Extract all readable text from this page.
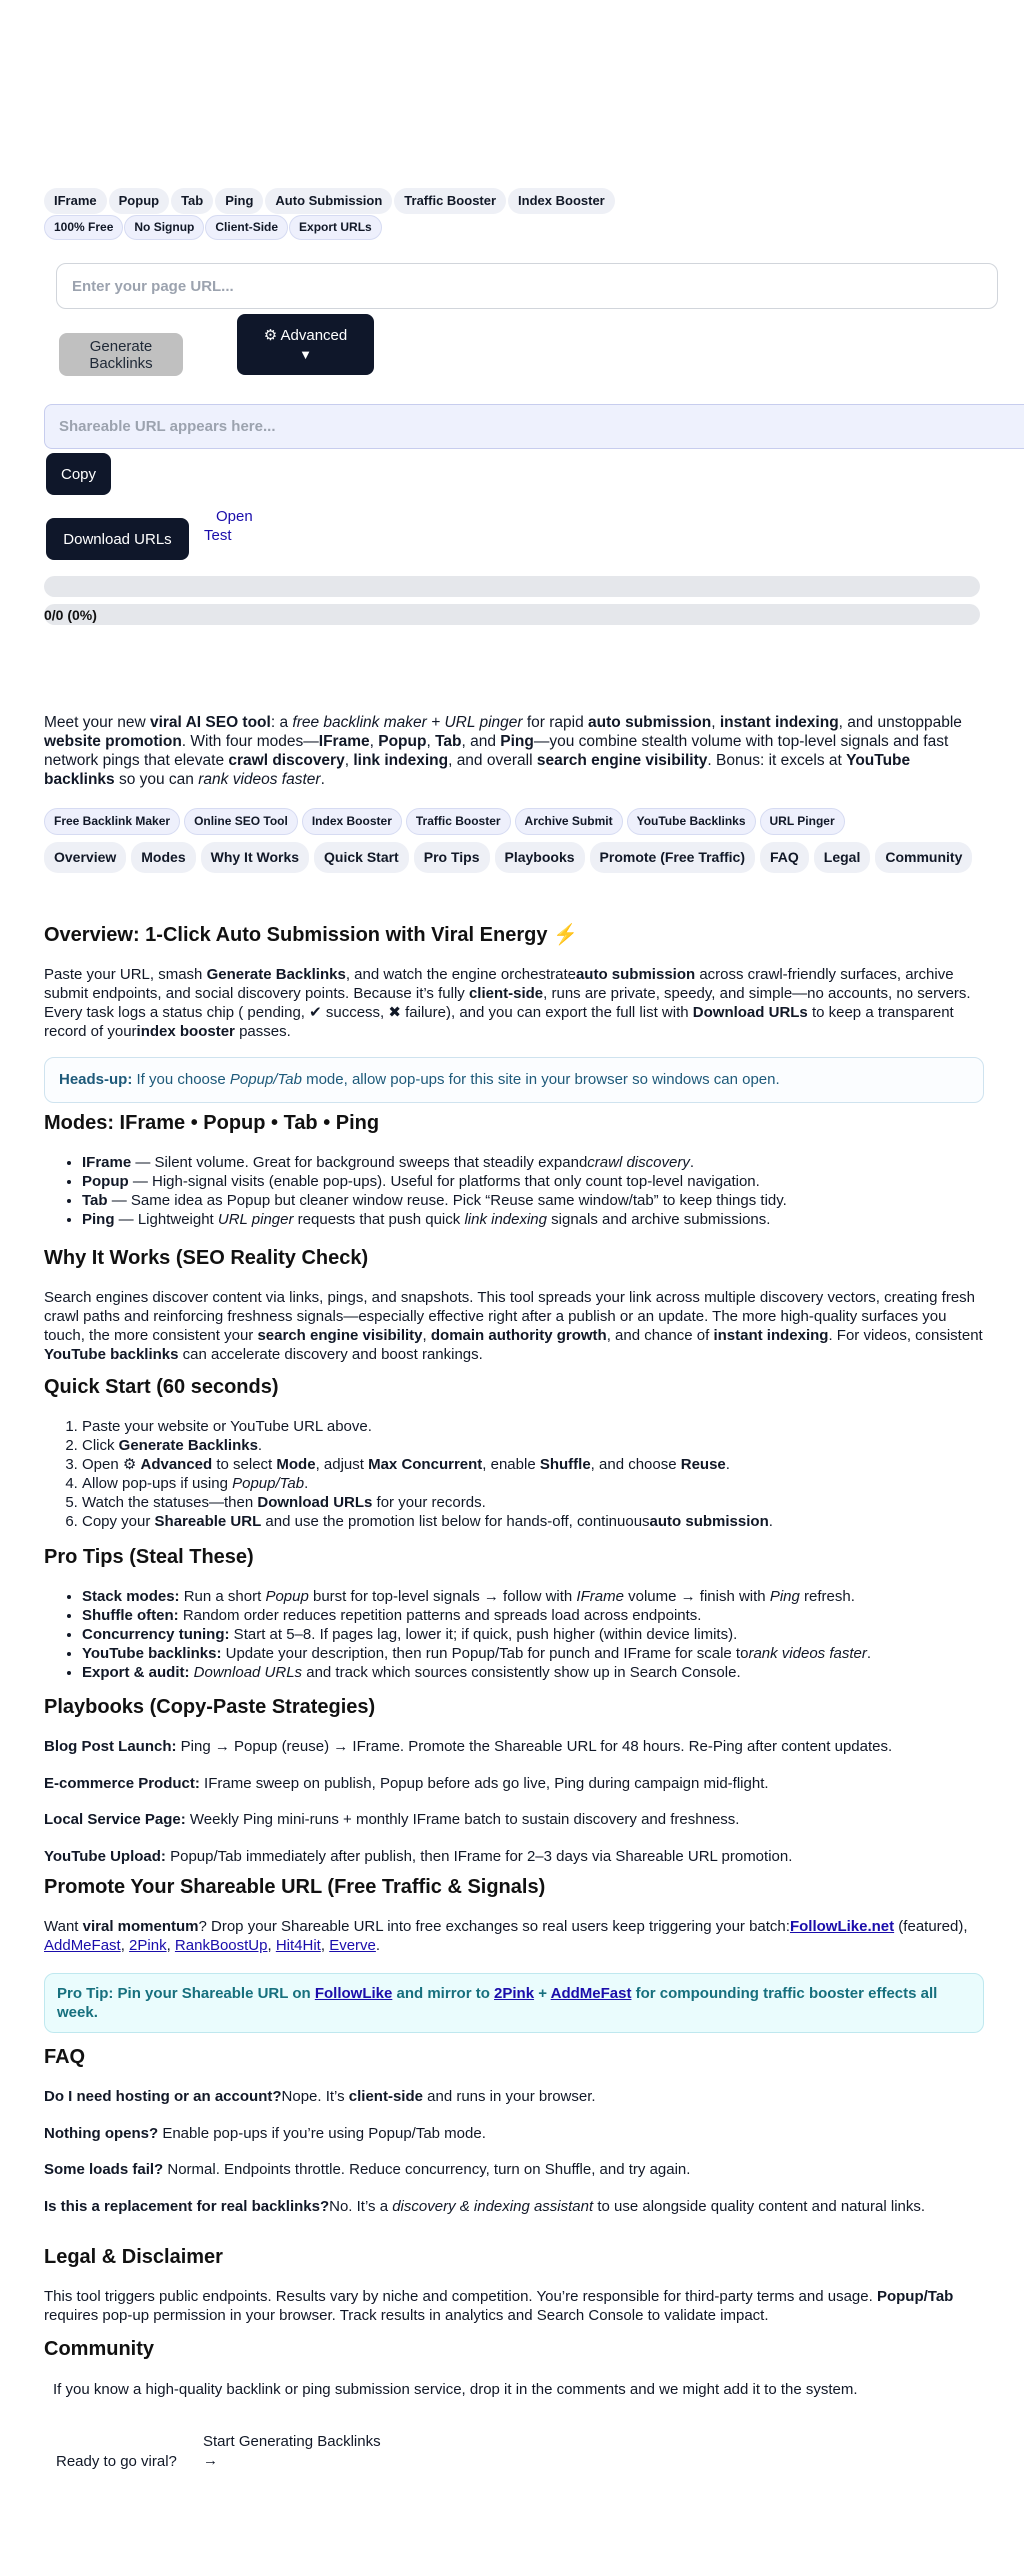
IFrame	Popup	Tab	Ping	Auto Submission	Traffic Booster	Index Booster
100% Free	No Signup	Client-Side	Export URLs
Enter your page URL...
Generate Backlinks
⚙ Advanced
▼
Shareable URL appears here...
Copy
Download URLs
Open
Test
0/0 (0%)

Meet your new viral AI SEO tool: a free backlink maker + URL pinger for rapid auto submission, instant indexing, and unstoppable website promotion. With four modes—IFrame, Popup, Tab, and Ping—you combine stealth volume with top-level signals and fast network pings that elevate crawl discovery, link indexing, and overall search engine visibility. Bonus: it excels at YouTube backlinks so you can rank videos faster.

Free Backlink Maker	Online SEO Tool	Index Booster	Traffic Booster	Archive Submit	YouTube Backlinks	URL Pinger
Overview	Modes	Why It Works	Quick Start	Pro Tips	Playbooks	Promote (Free Traffic)	FAQ	Legal	Community
Overview: 1-Click Auto Submission with Viral Energy ⚡

Paste your URL, smash Generate Backlinks, and watch the engine orchestrateauto submission across crawl-friendly surfaces, archive submit endpoints, and social discovery points. Because it’s fully client-side, runs are private, speedy, and simple—no accounts, no servers. Every task logs a status chip ( pending, ✔ success, ✖ failure), and you can export the full list with Download URLs to keep a transparent record of yourindex booster passes.

Heads-up: If you choose Popup/Tab mode, allow pop-ups for this site in your browser so windows can open.
Modes: IFrame • Popup • Tab • Ping
• IFrame — Silent volume. Great for background sweeps that steadily expandcrawl discovery.
• Popup — High-signal visits (enable pop-ups). Useful for platforms that only count top-level navigation.
• Tab — Same idea as Popup but cleaner window reuse. Pick “Reuse same window/tab” to keep things tidy.
• Ping — Lightweight URL pinger requests that push quick link indexing signals and archive submissions.
Why It Works (SEO Reality Check)

Search engines discover content via links, pings, and snapshots. This tool spreads your link across multiple discovery vectors, creating fresh crawl paths and reinforcing freshness signals—especially effective right after a publish or an update. The more high-quality surfaces you touch, the more consistent your search engine visibility, domain authority growth, and chance of instant indexing. For videos, consistent YouTube backlinks can accelerate discovery and boost rankings.

Quick Start (60 seconds)
1. Paste your website or YouTube URL above.
2. Click Generate Backlinks.
3. Open ⚙ Advanced to select Mode, adjust Max Concurrent, enable Shuffle, and choose Reuse.
4. Allow pop-ups if using Popup/Tab.
5. Watch the statuses—then Download URLs for your records.
6. Copy your Shareable URL and use the promotion list below for hands-off, continuousauto submission.
Pro Tips (Steal These)
• Stack modes: Run a short Popup burst for top-level signals → follow with IFrame volume → finish with Ping refresh.
• Shuffle often: Random order reduces repetition patterns and spreads load across endpoints.
• Concurrency tuning: Start at 5–8. If pages lag, lower it; if quick, push higher (within device limits).
• YouTube backlinks: Update your description, then run Popup/Tab for punch and IFrame for scale torank videos faster.
• Export & audit: Download URLs and track which sources consistently show up in Search Console.
Playbooks (Copy-Paste Strategies)

Blog Post Launch: Ping → Popup (reuse) → IFrame. Promote the Shareable URL for 48 hours. Re-Ping after content updates.

E-commerce Product: IFrame sweep on publish, Popup before ads go live, Ping during campaign mid-flight.

Local Service Page: Weekly Ping mini-runs + monthly IFrame batch to sustain discovery and freshness.

YouTube Upload: Popup/Tab immediately after publish, then IFrame for 2–3 days via Shareable URL promotion.

Promote Your Shareable URL (Free Traffic & Signals)

Want viral momentum? Drop your Shareable URL into free exchanges so real users keep triggering your batch:FollowLike.net (featured), AddMeFast, 2Pink, RankBoostUp, Hit4Hit, Everve.

Pro Tip: Pin your Shareable URL on FollowLike and mirror to 2Pink + AddMeFast for compounding traffic booster effects all week.
FAQ

Do I need hosting or an account?Nope. It’s client-side and runs in your browser.

Nothing opens? Enable pop-ups if you’re using Popup/Tab mode.

Some loads fail? Normal. Endpoints throttle. Reduce concurrency, turn on Shuffle, and try again.

Is this a replacement for real backlinks?No. It’s a discovery & indexing assistant to use alongside quality content and natural links.

Legal & Disclaimer

This tool triggers public endpoints. Results vary by niche and competition. You’re responsible for third-party terms and usage. Popup/Tab requires pop-up permission in your browser. Track results in analytics and Search Console to validate impact.

Community

If you know a high-quality backlink or ping submission service, drop it in the comments and we might add it to the system.

Ready to go viral?
Start Generating Backlinks
→
